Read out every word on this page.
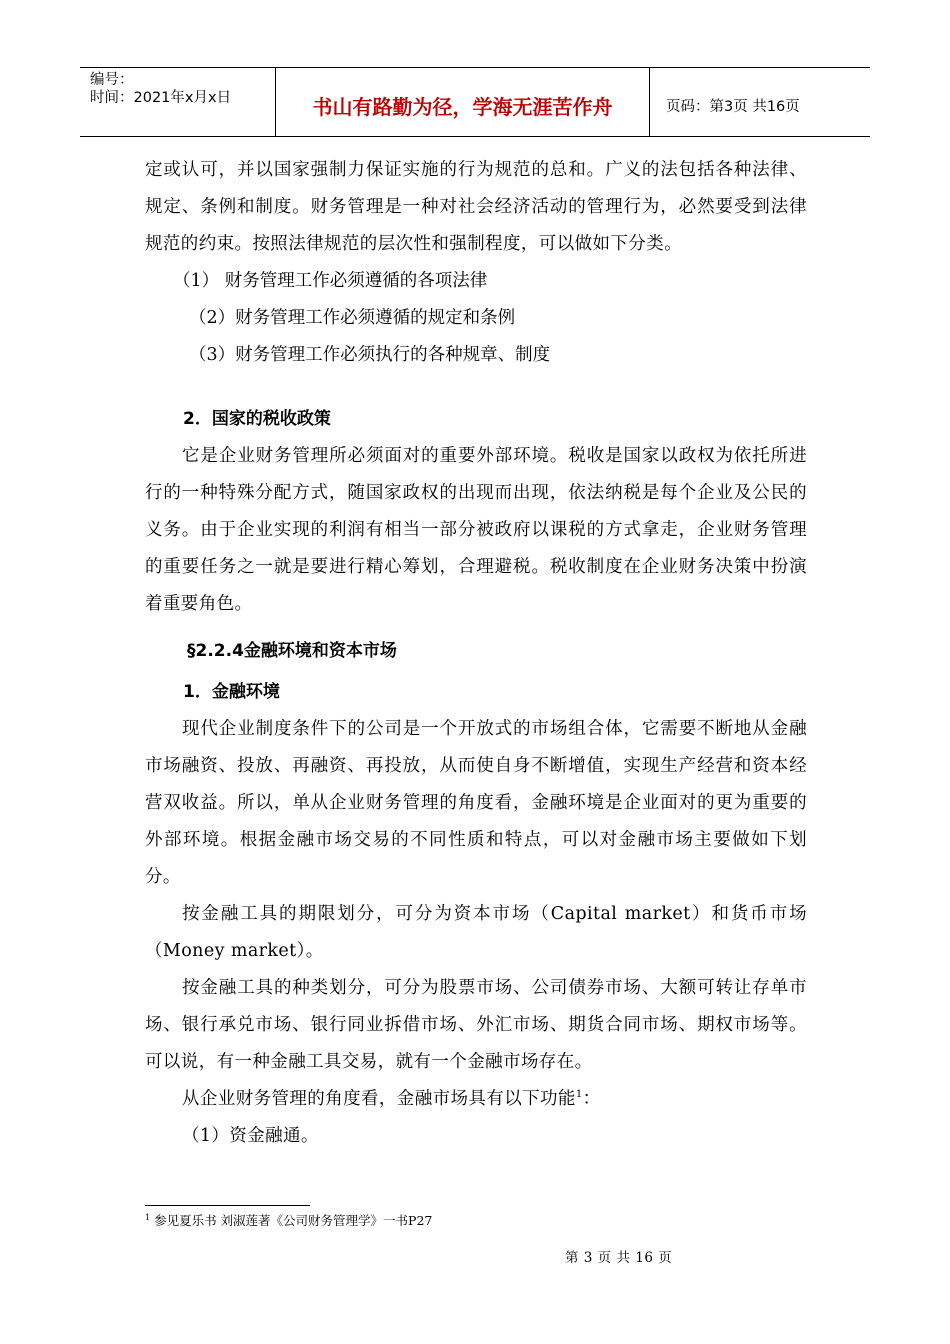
编号：
时间：2021年x月x日	书山有路勤为径，学海无涯苦作舟	页码：第3页 共16页

定或认可，并以国家强制力保证实施的行为规范的总和。广义的法包括各种法律、规定、条例和制度。财务管理是一种对社会经济活动的管理行为，必然要受到法律规范的约束。按照法律规范的层次性和强制程度，可以做如下分类。

（1） 财务管理工作必须遵循的各项法律

（2）财务管理工作必须遵循的规定和条例

（3）财务管理工作必须执行的各种规章、制度

2．国家的税收政策

它是企业财务管理所必须面对的重要外部环境。税收是国家以政权为依托所进行的一种特殊分配方式，随国家政权的出现而出现，依法纳税是每个企业及公民的义务。由于企业实现的利润有相当一部分被政府以课税的方式拿走，企业财务管理的重要任务之一就是要进行精心筹划，合理避税。税收制度在企业财务决策中扮演着重要角色。

§2.2.4金融环境和资本市场

1．金融环境

现代企业制度条件下的公司是一个开放式的市场组合体，它需要不断地从金融市场融资、投放、再融资、再投放，从而使自身不断增值，实现生产经营和资本经营双收益。所以，单从企业财务管理的角度看，金融环境是企业面对的更为重要的外部环境。根据金融市场交易的不同性质和特点，可以对金融市场主要做如下划分。

按金融工具的期限划分，可分为资本市场（Capital market）和货币市场（Money market）。

按金融工具的种类划分，可分为股票市场、公司债券市场、大额可转让存单市场、银行承兑市场、银行同业拆借市场、外汇市场、期货合同市场、期权市场等。可以说，有一种金融工具交易，就有一个金融市场存在。

从企业财务管理的角度看，金融市场具有以下功能$^1$：

（1）资金融通。

$^1$ 参见夏乐书 刘淑莲著《公司财务管理学》一书P27
第 3 页 共 16 页
